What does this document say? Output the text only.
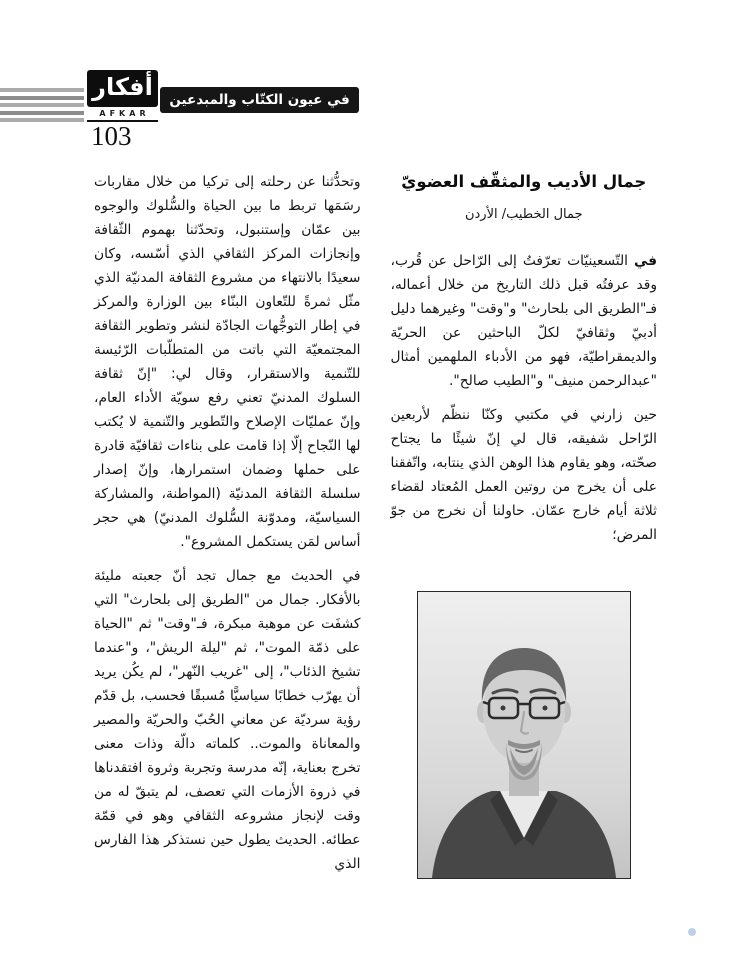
أفكار
AFKAR
103
في عيون الكتّاب والمبدعين
جمال الأديب والمثقّف العضويّ
جمال الخطيب/ الأردن

في التّسعينيّات تعرّفتُ إلى الرّاحل عن قُرب، وقد عرفتُه قبل ذلك التاريخ من خلال أعماله، فـ"الطريق الى بلحارث" و"وقت" وغيرهما دليل أدبيّ وثقافيّ لكلّ الباحثين عن الحريّة والديمقراطيّة، فهو من الأدباء الملهمين أمثال "عبدالرحمن منيف" و"الطيب صالح".

حين زارني في مكتبي وكنّا ننظّم لأربعين الرّاحل شفيقه، قال لي إنّ شيئًا ما يجتاح صحّته، وهو يقاوم هذا الوهن الذي ينتابه، واتّفقنا على أن يخرج من روتين العمل المُعتاد لقضاء ثلاثة أيام خارج عمّان. حاولنا أن نخرج من جوّ المرض؛

وتحدُّثنا عن رحلته إلى تركيا من خلال مقاربات رسَمَها تربط ما بين الحياة والسُّلوك والوجوه بين عمّان وإستنبول، وتحدّثنا بهموم الثّقافة وإنجازات المركز الثقافي الذي أسّسه، وكان سعيدًا بالانتهاء من مشروع الثقافة المدنيّة الذي مثّل ثمرةً للتّعاون البنّاء بين الوزارة والمركز في إطار التوجُّهات الجادّة لنشر وتطوير الثقافة المجتمعيّة التي باتت من المتطلّبات الرّئيسة للتّنمية والاستقرار، وقال لي: "إنّ ثقافة السلوك المدنيّ تعني رفع سويّة الأداء العام، وإنّ عمليّات الإصلاح والتّطوير والتّنمية لا يُكتب لها النّجاح إلّا إذا قامت على بناءات ثقافيّة قادرة على حملها وضمان استمرارها، وإنّ إصدار سلسلة الثقافة المدنيّة (المواطنة، والمشاركة السياسيّة، ومدوّنة السُّلوك المدنيّ) هي حجر أساس لمَن يستكمل المشروع".

في الحديث مع جمال تجد أنّ جعبته مليئة بالأفكار. جمال من "الطريق إلى بلحارث" التي كشفَت عن موهبة مبكرة، فـ"وقت" ثم "الحياة على ذمّة الموت"، ثم "ليلة الريش"، و"عندما تشيخ الذئاب"، إلى "غريب النّهر"، لم يكُن يريد أن يهرّب خطابًا سياسيًّا مُسبقًا فحسب، بل قدّم رؤية سرديّة عن معاني الحُبّ والحريّة والمصير والمعاناة والموت.. كلماته دالّة وذات معنى تخرج بعناية، إنّه مدرسة وتجربة وثروة افتقدناها في ذروة الأزمات التي تعصف، لم يتبقّ له من وقت لإنجاز مشروعه الثقافي وهو في قمّة عطائه. الحديث يطول حين نستذكر هذا الفارس الذي
